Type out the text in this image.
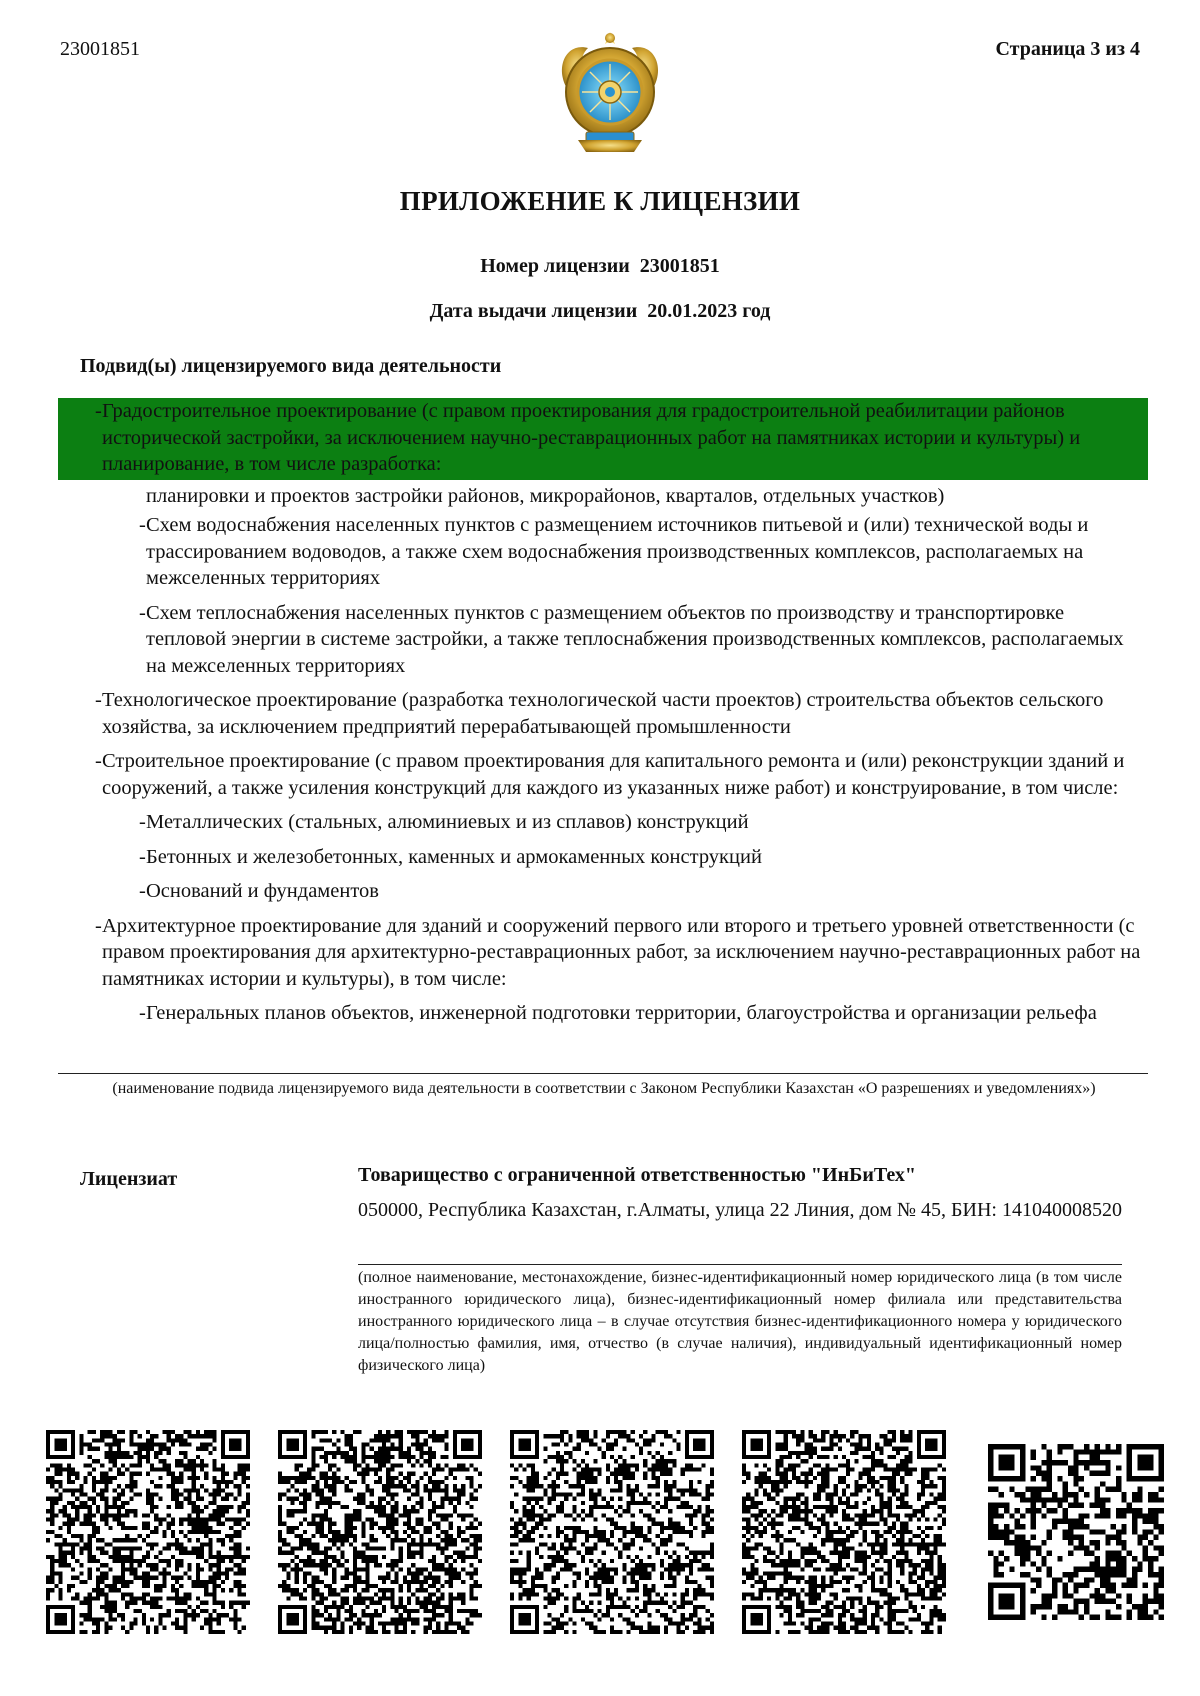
23001851	Страница 3 из 4
ПРИЛОЖЕНИЕ К ЛИЦЕНЗИИ
Номер лицензии 23001851
Дата выдачи лицензии 20.01.2023 год
Подвид(ы) лицензируемого вида деятельности
- Градостроительное проектирование (с правом проектирования для градостроительной реабилитации районов исторической застройки, за исключением научно-реставрационных работ на памятниках истории и культуры) и планирование, в том числе разработка:
планировки и проектов застройки районов, микрорайонов, кварталов, отдельных участков)
- Схем водоснабжения населенных пунктов с размещением источников питьевой и (или) технической воды и трассированием водоводов, а также схем водоснабжения производственных комплексов, располагаемых на межселенных территориях
- Схем теплоснабжения населенных пунктов с размещением объектов по производству и транспортировке тепловой энергии в системе застройки, а также теплоснабжения производственных комплексов, располагаемых на межселенных территориях
- Технологическое проектирование (разработка технологической части проектов) строительства объектов сельского хозяйства, за исключением предприятий перерабатывающей промышленности
- Строительное проектирование (с правом проектирования для капитального ремонта и (или) реконструкции зданий и сооружений, а также усиления конструкций для каждого из указанных ниже работ) и конструирование, в том числе:
- Металлических (стальных, алюминиевых и из сплавов) конструкций
- Бетонных и железобетонных, каменных и армокаменных конструкций
- Оснований и фундаментов
- Архитектурное проектирование для зданий и сооружений первого или второго и третьего уровней ответственности (с правом проектирования для архитектурно-реставрационных работ, за исключением научно-реставрационных работ на памятниках истории и культуры), в том числе:
- Генеральных планов объектов, инженерной подготовки территории, благоустройства и организации рельефа
(наименование подвида лицензируемого вида деятельности в соответствии с Законом Республики Казахстан «О разрешениях и уведомлениях»)
Лицензиат	Товарищество с ограниченной ответственностью "ИнБиТех"
050000, Республика Казахстан, г.Алматы, улица 22 Линия, дом № 45, БИН: 141040008520
(полное наименование, местонахождение, бизнес-идентификационный номер юридического лица (в том числе иностранного юридического лица), бизнес-идентификационный номер филиала или представительства иностранного юридического лица – в случае отсутствия бизнес-идентификационного номера у юридического лица/полностью фамилия, имя, отчество (в случае наличия), индивидуальный идентификационный номер физического лица)
